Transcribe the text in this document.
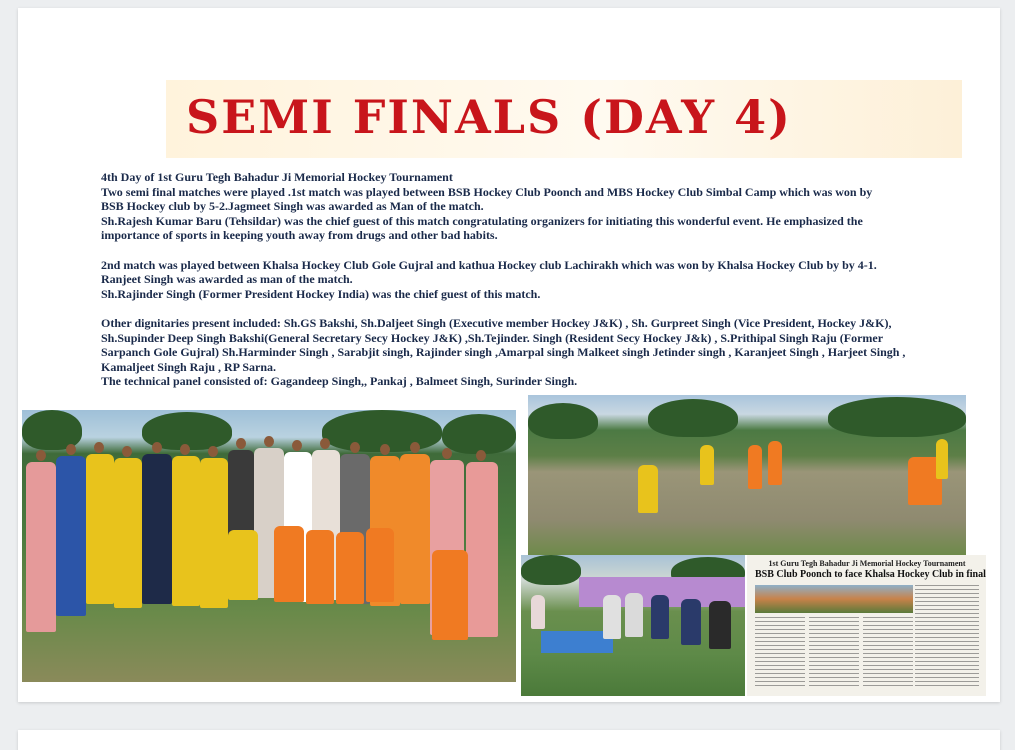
SEMI FINALS (DAY 4)

4th Day of 1st Guru Tegh Bahadur Ji Memorial Hockey Tournament

Two semi final matches were played .1st match was played between BSB Hockey Club Poonch and MBS Hockey Club Simbal Camp which was won by

BSB Hockey club by 5-2.Jagmeet Singh was awarded as Man of the match.

Sh.Rajesh Kumar Baru (Tehsildar) was the chief guest of this match congratulating organizers for initiating this wonderful event. He emphasized the

importance of sports in keeping youth away from drugs and other bad habits.

2nd match was played between Khalsa Hockey Club Gole Gujral and kathua Hockey club Lachirakh which was won by Khalsa Hockey Club by by 4-1.

Ranjeet Singh was awarded as man of the match.

Sh.Rajinder Singh (Former President Hockey India) was the chief guest of this match.

Other dignitaries present included: Sh.GS Bakshi, Sh.Daljeet Singh (Executive member Hockey J&K) , Sh. Gurpreet Singh (Vice President, Hockey J&K),

Sh.Supinder Deep Singh Bakshi(General Secretary Secy Hockey J&K) ,Sh.Tejinder. Singh (Resident Secy Hockey J&k) , S.Prithipal Singh Raju (Former

Sarpanch Gole Gujral) Sh.Harminder Singh , Sarabjit singh, Rajinder singh ,Amarpal singh Malkeet singh Jetinder singh , Karanjeet Singh , Harjeet Singh ,

Kamaljeet Singh Raju , RP Sarna.

The technical panel consisted of: Gagandeep Singh,, Pankaj , Balmeet Singh, Surinder Singh.

1st Guru Tegh Bahadur Ji Memorial Hockey Tournament
BSB Club Poonch to face Khalsa Hockey Club in final
